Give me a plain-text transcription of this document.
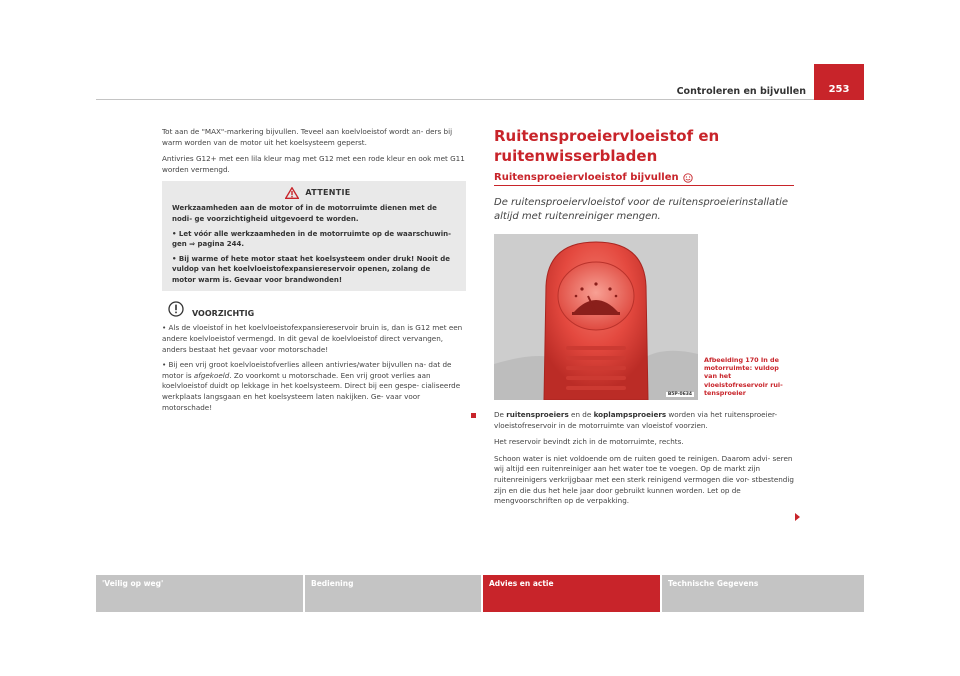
Controleren en bijvullen	253

Tot aan de "MAX"-markering bijvullen. Teveel aan koelvloeistof wordt an- ders bij warm worden van de motor uit het koelsysteem geperst.

Antivries G12+ met een lila kleur mag met G12 met een rode kleur en ook met G11 worden vermengd.

ATTENTIE

Werkzaamheden aan de motor of in de motorruimte dienen met de nodi- ge voorzichtigheid uitgevoerd te worden.

• Let vóór alle werkzaamheden in de motorruimte op de waarschuwin- gen ⇒ pagina 244.

• Bij warme of hete motor staat het koelsysteem onder druk! Nooit de vuldop van het koelvloeistofexpansiereservoir openen, zolang de motor warm is. Gevaar voor brandwonden!

VOORZICHTIG

• Als de vloeistof in het koelvloeistofexpansiereservoir bruin is, dan is G12 met een andere koelvloeistof vermengd. In dit geval de koelvloeistof direct vervangen, anders bestaat het gevaar voor motorschade!

• Bij een vrij groot koelvloeistofverlies alleen antivries/water bijvullen na- dat de motor is afgekoeld. Zo voorkomt u motorschade. Een vrij groot verlies aan koelvloeistof duidt op lekkage in het koelsysteem. Direct bij een gespe- cialiseerde werkplaats langsgaan en het koelsysteem laten nakijken. Ge- vaar voor motorschade!

Ruitensproeiervloeistof en ruitenwisserbladen
Ruitensproeiervloeistof bijvullen
De ruitensproeiervloeistof voor de ruitensproeierinstallatie altijd met ruitenreiniger mengen.
B5P-0634
Afbeelding 170 In de motorruimte: vuldop van het vloeistofreservoir rui- tensproeier

De ruitensproeiers en de koplampsproeiers worden via het ruitensproeier- vloeistofreservoir in de motorruimte van vloeistof voorzien.

Het reservoir bevindt zich in de motorruimte, rechts.

Schoon water is niet voldoende om de ruiten goed te reinigen. Daarom advi- seren wij altijd een ruitenreiniger aan het water toe te voegen. Op de markt zijn ruitenreinigers verkrijgbaar met een sterk reinigend vermogen die vor- stbestendig zijn en die dus het hele jaar door gebruikt kunnen worden. Let op de mengvoorschriften op de verpakking.

'Veilig op weg'	Bediening	Advies en actie	Technische Gegevens
